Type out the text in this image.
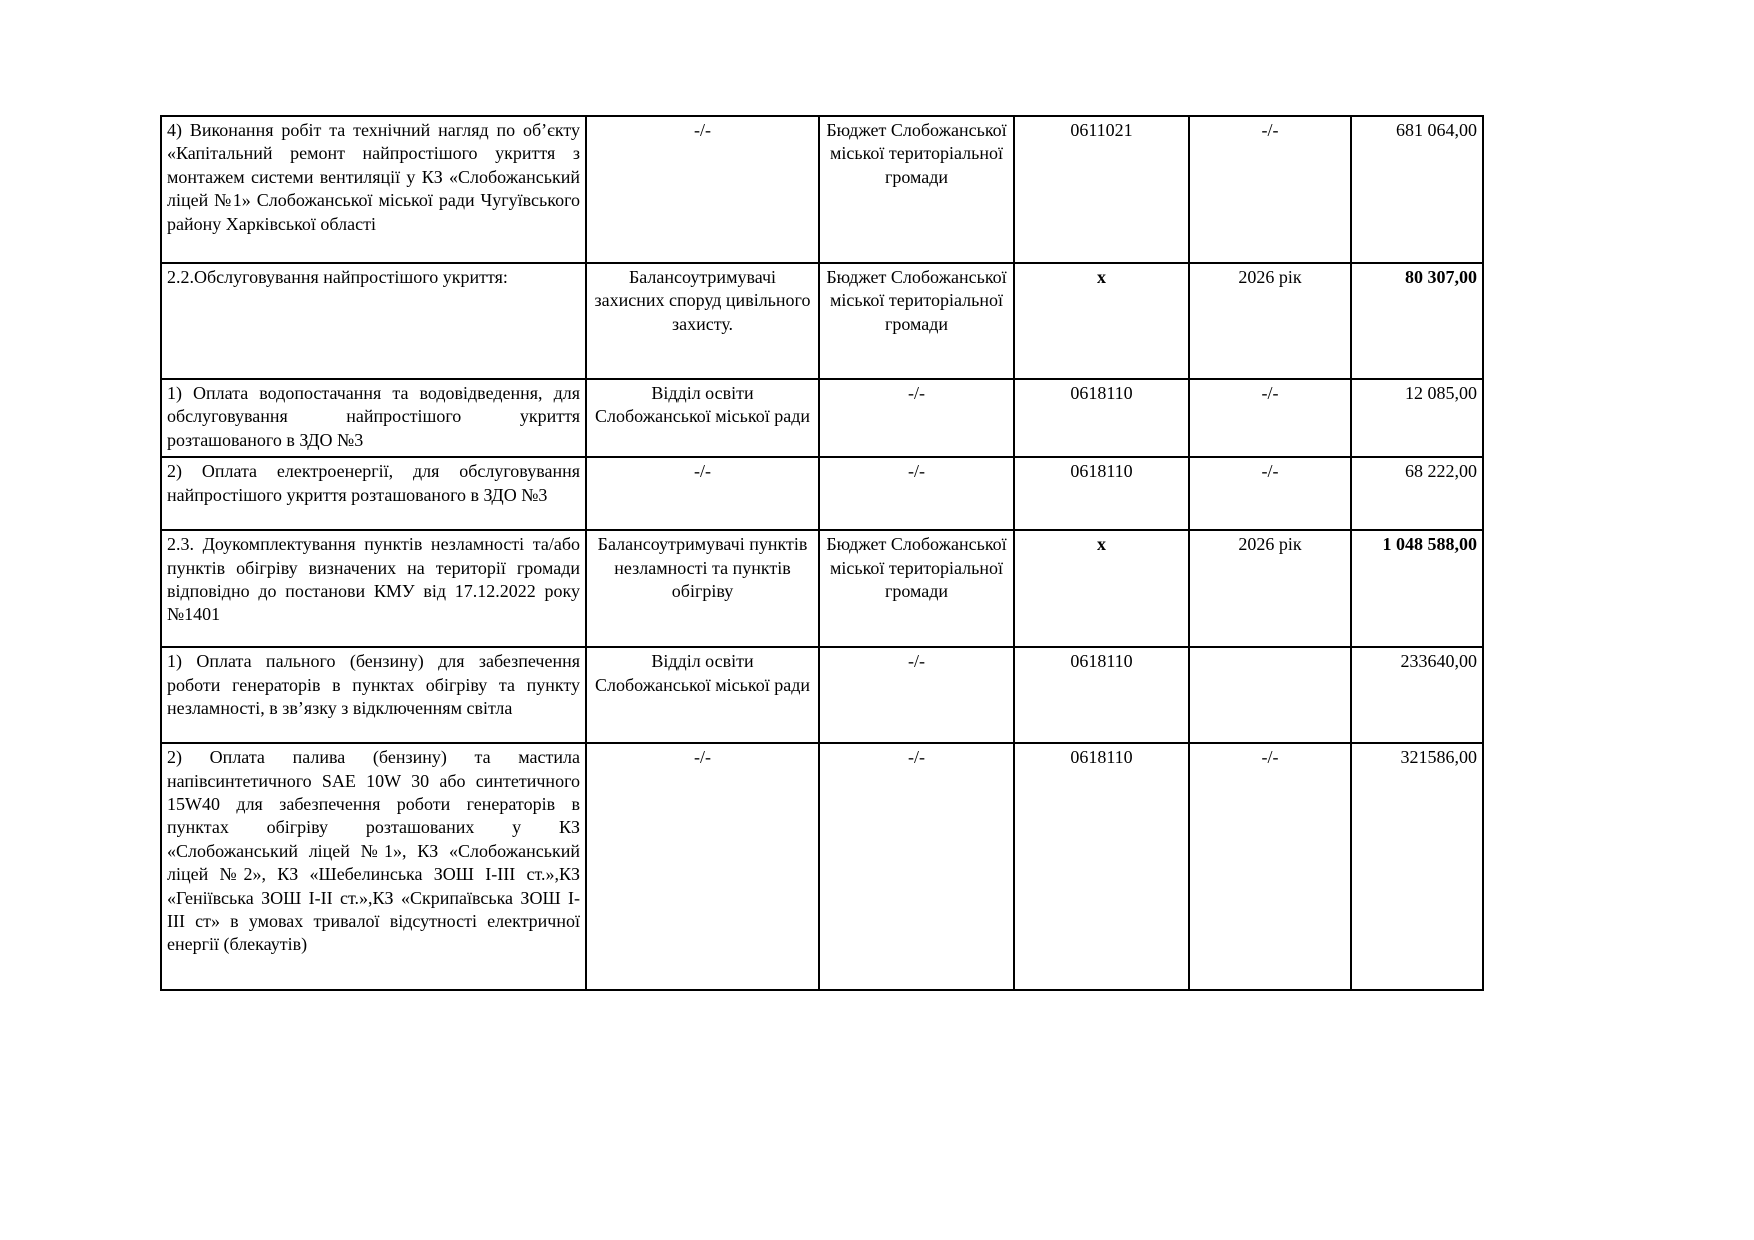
4) Виконання робіт та технічний нагляд по об’єкту «Капітальний ремонт найпростішого укриття з монтажем системи вентиляції у КЗ «Слобожанський ліцей №1» Слобожанської міської ради Чугуївського району Харківської області	-/-	Бюджет Слобожанської міської територіальної громади	0611021	-/-	681 064,00
2.2.Обслуговування найпростішого укриття:	Балансоутримувачі захисних споруд цивільного захисту.	Бюджет Слобожанської міської територіальної громади	х	2026 рік	80 307,00
1) Оплата водопостачання та водовідведення, для обслуговування найпростішого укриття розташованого в ЗДО №3	Відділ освіти Слобожанської міської ради	-/-	0618110	-/-	12 085,00
2) Оплата електроенергії, для обслуговування найпростішого укриття розташованого в ЗДО №3	-/-	-/-	0618110	-/-	68 222,00
2.3. Доукомплектування пунктів незламності та/або пунктів обігріву визначених на території громади відповідно до постанови КМУ від 17.12.2022 року №1401	Балансоутримувачі пунктів незламності та пунктів обігріву	Бюджет Слобожанської міської територіальної громади	х	2026 рік	1 048 588,00
1) Оплата пального (бензину) для забезпечення роботи генераторів в пунктах обігріву та пункту незламності, в зв’язку з відключенням світла	Відділ освіти Слобожанської міської ради	-/-	0618110		233640,00
2) Оплата палива (бензину) та мастила напівсинтетичного SAE 10W 30 або синтетичного 15W40 для забезпечення роботи генераторів в пунктах обігріву розташованих у КЗ «Слобожанський ліцей №1», КЗ «Слобожанський ліцей №2», КЗ «Шебелинська ЗОШ І-ІІІ ст.»,КЗ «Геніївська ЗОШ І-ІІ ст.»,КЗ «Скрипаївська ЗОШ І-ІІІ ст» в умовах тривалої відсутності електричної енергії (блекаутів)	-/-	-/-	0618110	-/-	321586,00
